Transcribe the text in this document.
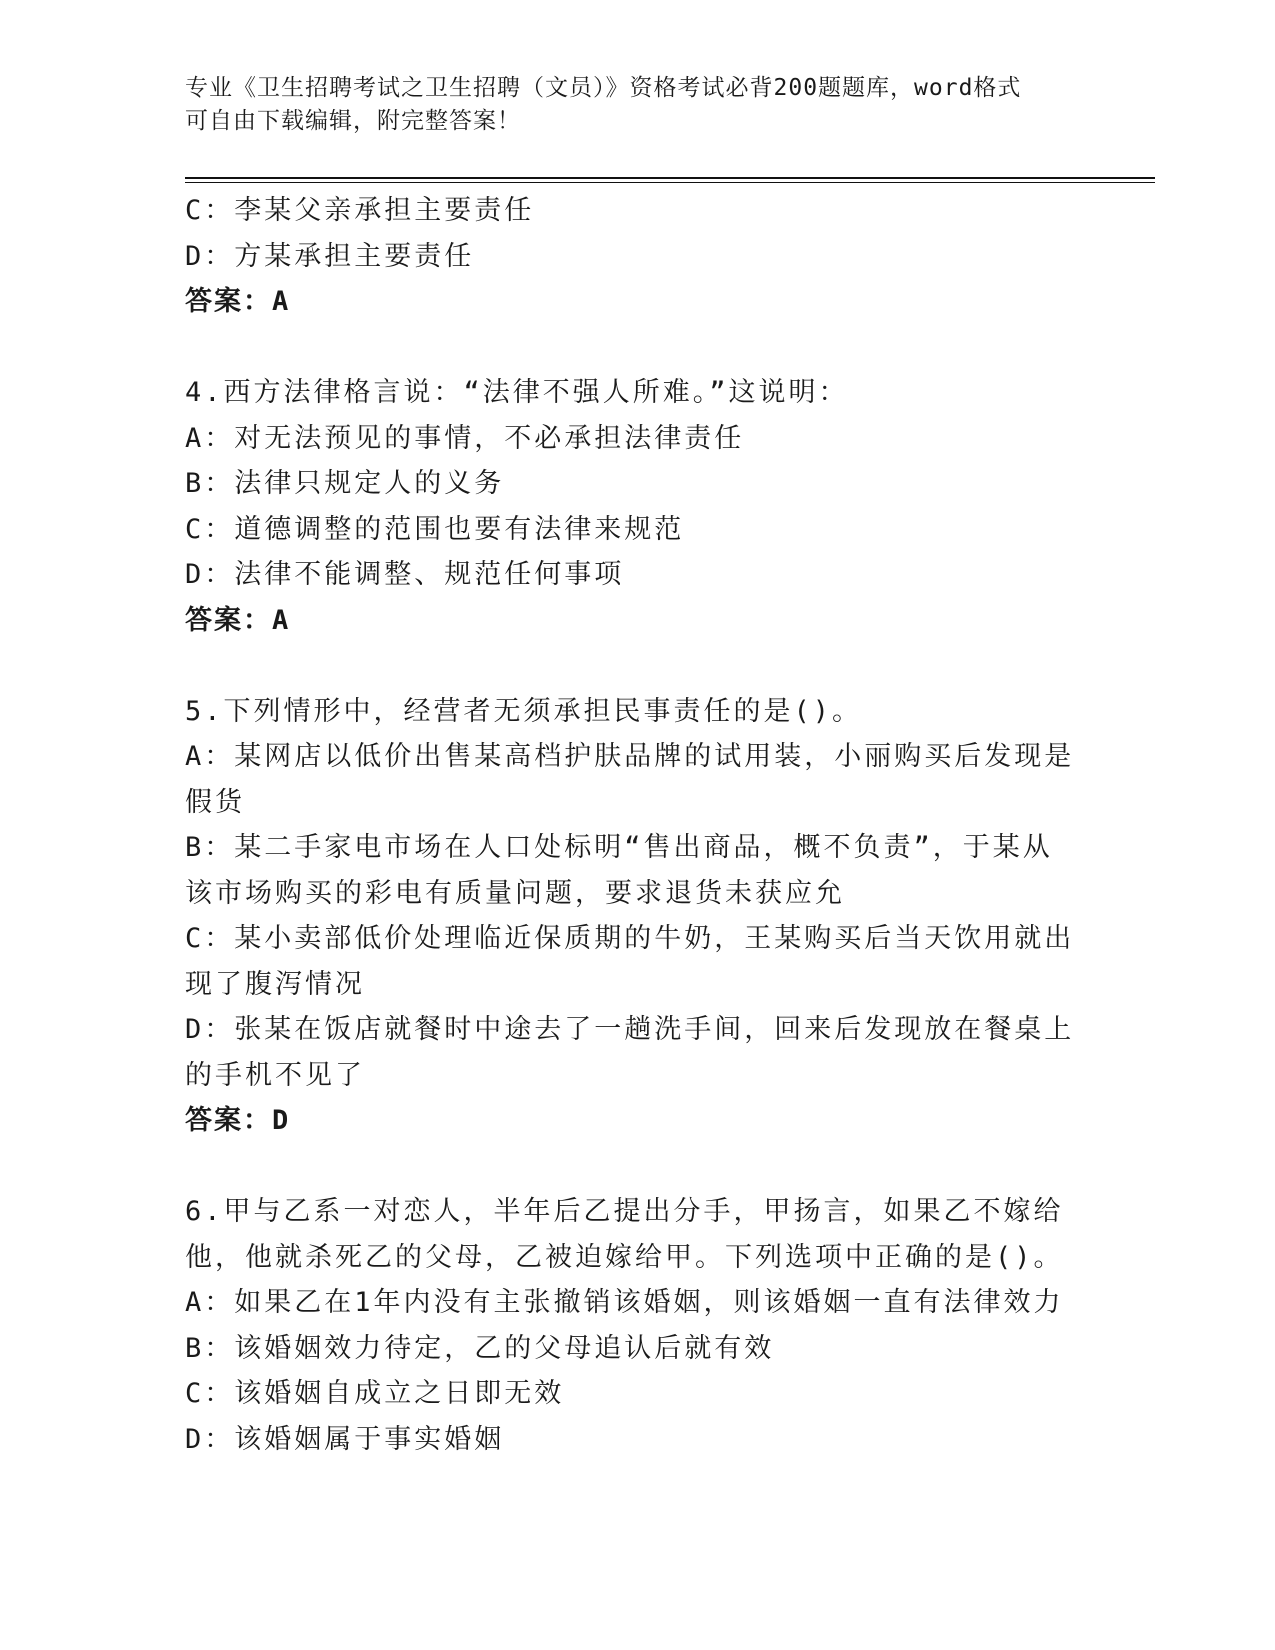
专业《卫生招聘考试之卫生招聘（文员）》资格考试必背200题题库，word格式
可自由下载编辑，附完整答案！
C：李某父亲承担主要责任
D：方某承担主要责任
答案：A
4.西方法律格言说：“法律不强人所难。”这说明：
A：对无法预见的事情，不必承担法律责任
B：法律只规定人的义务
C：道德调整的范围也要有法律来规范
D：法律不能调整、规范任何事项
答案：A
5.下列情形中，经营者无须承担民事责任的是()。
A：某网店以低价出售某高档护肤品牌的试用装，小丽购买后发现是假货
B：某二手家电市场在人口处标明“售出商品，概不负责”，于某从该市场购买的彩电有质量问题，要求退货未获应允
C：某小卖部低价处理临近保质期的牛奶，王某购买后当天饮用就出现了腹泻情况
D：张某在饭店就餐时中途去了一趟洗手间，回来后发现放在餐桌上的手机不见了
答案：D
6.甲与乙系一对恋人，半年后乙提出分手，甲扬言，如果乙不嫁给他，他就杀死乙的父母，乙被迫嫁给甲。下列选项中正确的是()。
A：如果乙在1年内没有主张撤销该婚姻，则该婚姻一直有法律效力
B：该婚姻效力待定，乙的父母追认后就有效
C：该婚姻自成立之日即无效
D：该婚姻属于事实婚姻
